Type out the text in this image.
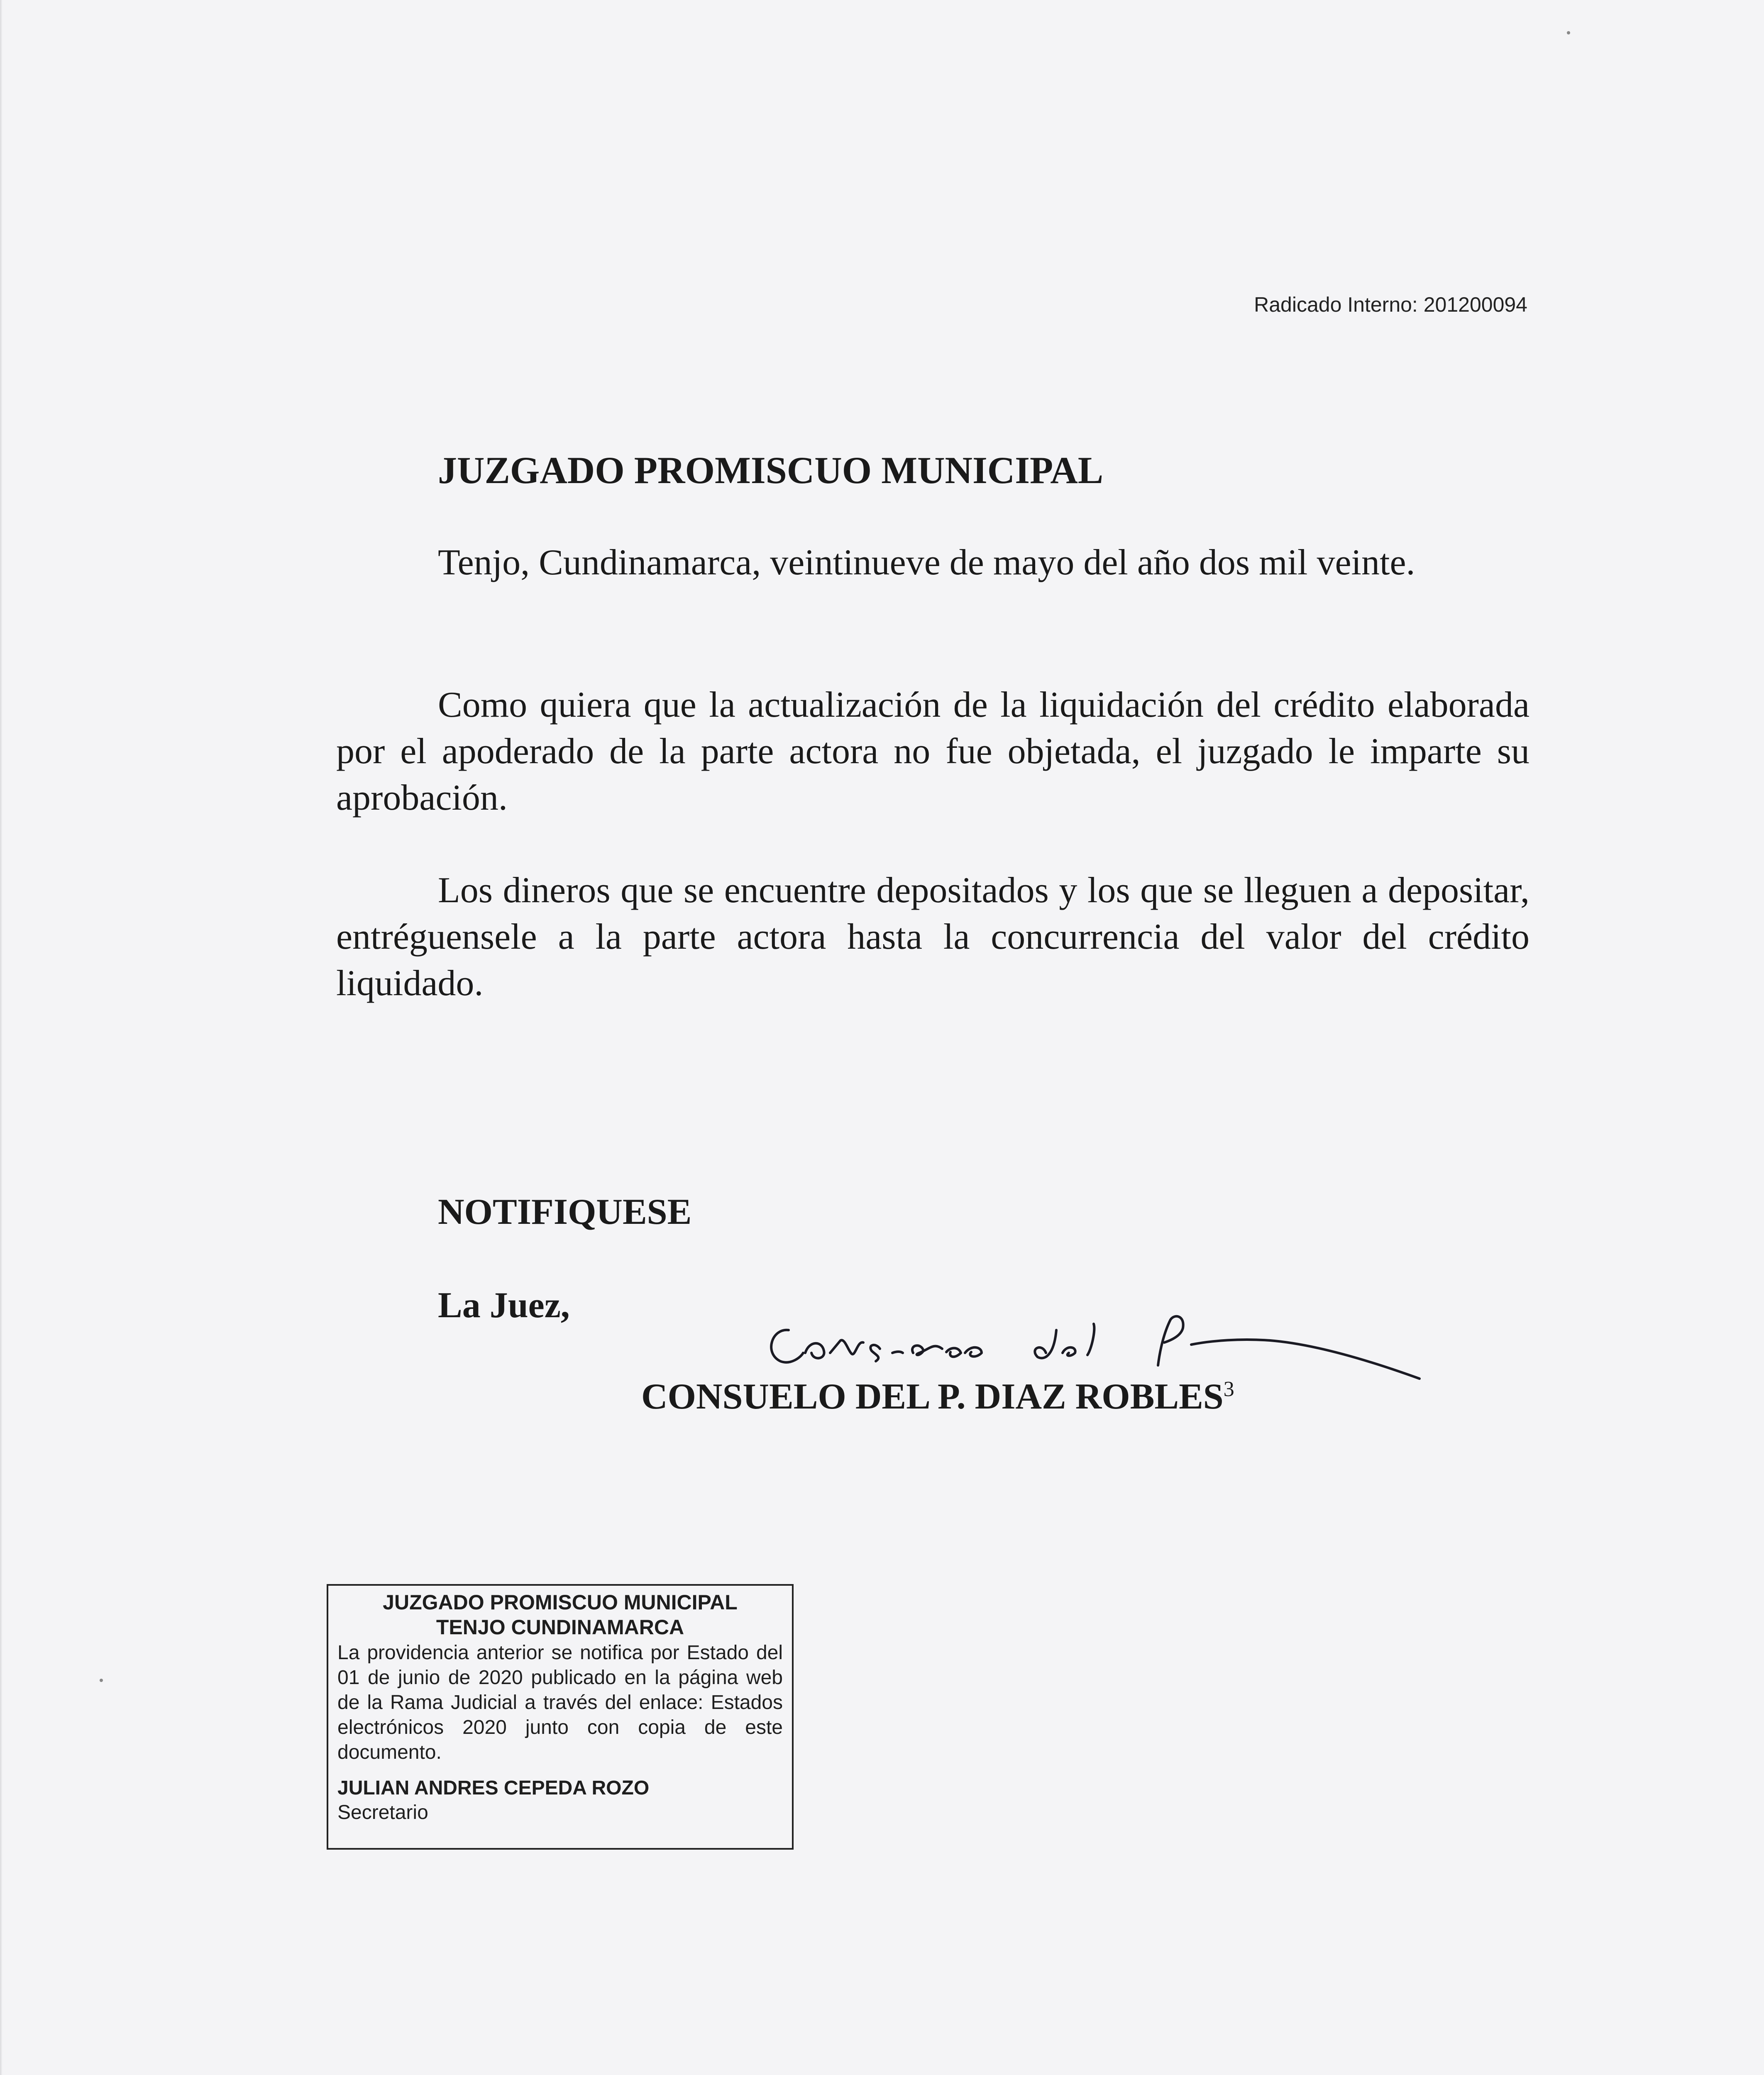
Radicado Interno: 201200094
JUZGADO PROMISCUO MUNICIPAL
Tenjo, Cundinamarca, veintinueve de mayo del año dos mil veinte.

Como quiera que la actualización de la liquidación del crédito elaborada por el apoderado de la parte actora no fue objetada, el juzgado le imparte su aprobación.

Los dineros que se encuentre depositados y los que se lleguen a depositar, entréguensele a la parte actora hasta la concurrencia del valor del crédito liquidado.

NOTIFIQUESE
La Juez,
CONSUELO DEL P. DIAZ ROBLES$^3$
JUZGADO PROMISCUO MUNICIPAL
TENJO CUNDINAMARCA
La providencia anterior se notifica por Estado del 01 de junio de 2020 publicado en la página web de la Rama Judicial a través del enlace: Estados electrónicos 2020 junto con copia de este documento.
JULIAN ANDRES CEPEDA ROZO
Secretario
